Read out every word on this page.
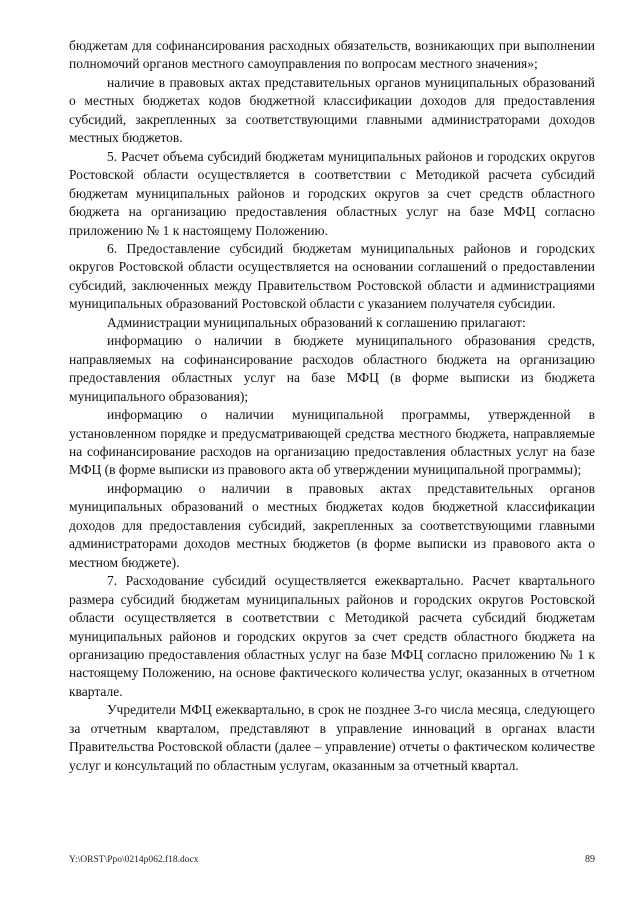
бюджетам для софинансирования расходных обязательств, возникающих при выполнении полномочий органов местного самоуправления по вопросам местного значения»;

наличие в правовых актах представительных органов муниципальных образований о местных бюджетах кодов бюджетной классификации доходов для предоставления субсидий, закрепленных за соответствующими главными администраторами доходов местных бюджетов.

5. Расчет объема субсидий бюджетам муниципальных районов и городских округов Ростовской области осуществляется в соответствии с Методикой расчета субсидий бюджетам муниципальных районов и городских округов за счет средств областного бюджета на организацию предоставления областных услуг на базе МФЦ согласно приложению № 1 к настоящему Положению.

6. Предоставление субсидий бюджетам муниципальных районов и городских округов Ростовской области осуществляется на основании соглашений о предоставлении субсидий, заключенных между Правительством Ростовской области и администрациями муниципальных образований Ростовской области с указанием получателя субсидии.

Администрации муниципальных образований к соглашению прилагают:

информацию о наличии в бюджете муниципального образования средств, направляемых на софинансирование расходов областного бюджета на организацию предоставления областных услуг на базе МФЦ (в форме выписки из бюджета муниципального образования);

информацию о наличии муниципальной программы, утвержденной в установленном порядке и предусматривающей средства местного бюджета, направляемые на софинансирование расходов на организацию предоставления областных услуг на базе МФЦ (в форме выписки из правового акта об утверждении муниципальной программы);

информацию о наличии в правовых актах представительных органов муниципальных образований о местных бюджетах кодов бюджетной классификации доходов для предоставления субсидий, закрепленных за соответствующими главными администраторами доходов местных бюджетов (в форме выписки из правового акта о местном бюджете).

7. Расходование субсидий осуществляется ежеквартально. Расчет квартального размера субсидий бюджетам муниципальных районов и городских округов Ростовской области осуществляется в соответствии с Методикой расчета субсидий бюджетам муниципальных районов и городских округов за счет средств областного бюджета на организацию предоставления областных услуг на базе МФЦ согласно приложению № 1 к настоящему Положению, на основе фактического количества услуг, оказанных в отчетном квартале.

Учредители МФЦ ежеквартально, в срок не позднее 3-го числа месяца, следующего за отчетным кварталом, представляют в управление инноваций в органах власти Правительства Ростовской области (далее – управление) отчеты о фактическом количестве услуг и консультаций по областным услугам, оказанным за отчетный квартал.

Y:\ORST\Ppo\0214p062.f18.docx	89
